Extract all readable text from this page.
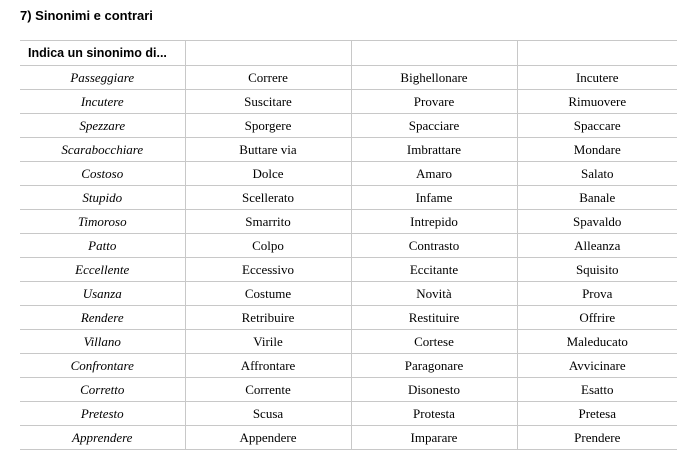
7) Sinonimi e contrari
Indica un sinonimo di...			
Passeggiare	Correre	Bighellonare	Incutere
Incutere	Suscitare	Provare	Rimuovere
Spezzare	Sporgere	Spacciare	Spaccare
Scarabocchiare	Buttare via	Imbrattare	Mondare
Costoso	Dolce	Amaro	Salato
Stupido	Scellerato	Infame	Banale
Timoroso	Smarrito	Intrepido	Spavaldo
Patto	Colpo	Contrasto	Alleanza
Eccellente	Eccessivo	Eccitante	Squisito
Usanza	Costume	Novità	Prova
Rendere	Retribuire	Restituire	Offrire
Villano	Virile	Cortese	Maleducato
Confrontare	Affrontare	Paragonare	Avvicinare
Corretto	Corrente	Disonesto	Esatto
Pretesto	Scusa	Protesta	Pretesa
Apprendere	Appendere	Imparare	Prendere
